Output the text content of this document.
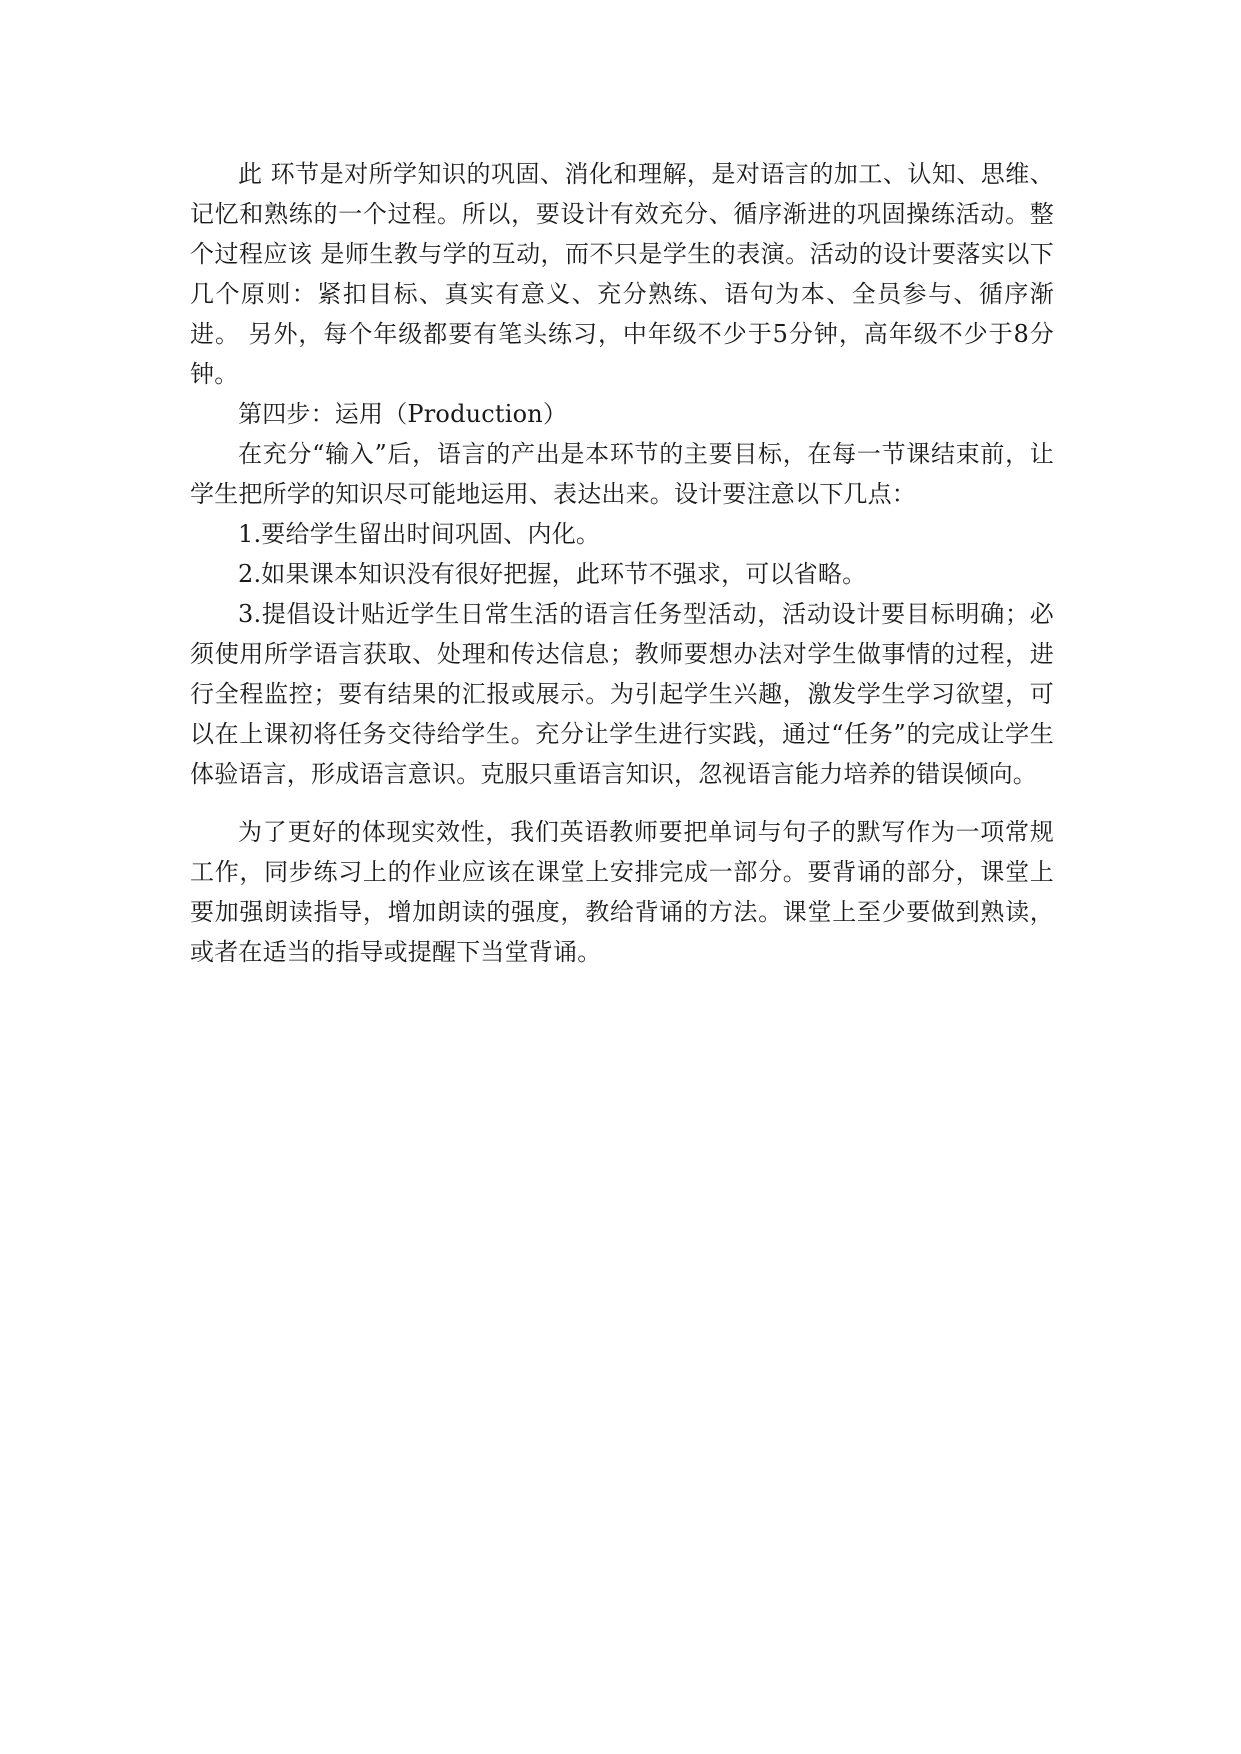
此 环节是对所学知识的巩固、消化和理解，是对语言的加工、认知、思维、记忆和熟练的一个过程。所以，要设计有效充分、循序渐进的巩固操练活动。整个过程应该 是师生教与学的互动，而不只是学生的表演。活动的设计要落实以下几个原则：紧扣目标、真实有意义、充分熟练、语句为本、全员参与、循序渐进。 另外，每个年级都要有笔头练习，中年级不少于5分钟，高年级不少于8分钟。

第四步：运用（Production）

在充分“输入”后，语言的产出是本环节的主要目标，在每一节课结束前，让学生把所学的知识尽可能地运用、表达出来。设计要注意以下几点：

1.要给学生留出时间巩固、内化。

2.如果课本知识没有很好把握，此环节不强求，可以省略。

3.提倡设计贴近学生日常生活的语言任务型活动，活动设计要目标明确；必须使用所学语言获取、处理和传达信息；教师要想办法对学生做事情的过程，进行全程监控；要有结果的汇报或展示。为引起学生兴趣，激发学生学习欲望，可以在上课初将任务交待给学生。充分让学生进行实践，通过“任务”的完成让学生体验语言，形成语言意识。克服只重语言知识，忽视语言能力培养的错误倾向。

为了更好的体现实效性，我们英语教师要把单词与句子的默写作为一项常规工作，同步练习上的作业应该在课堂上安排完成一部分。要背诵的部分，课堂上要加强朗读指导，增加朗读的强度，教给背诵的方法。课堂上至少要做到熟读，或者在适当的指导或提醒下当堂背诵。
